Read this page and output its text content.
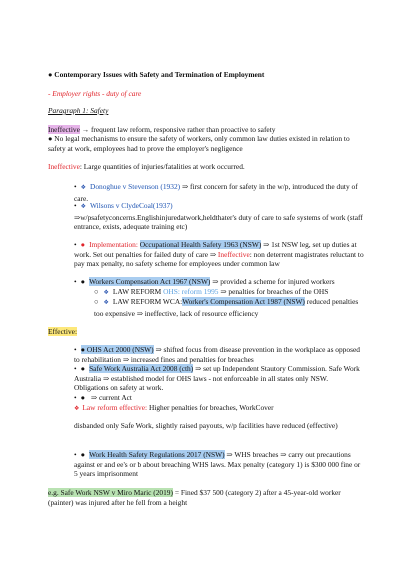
● Contemporary Issues with Safety and Termination of Employment
- Employer rights - duty of care
Paragraph 1: Safety
Ineffective → frequent law reform, responsive rather than proactive to safety
● No legal mechanisms to ensure the safety of workers, only common law duties existed in relation to safety at work, employees had to prove the employer's negligence
Ineffective: Large quantities of injuries/fatalities at work occurred.
• ❖ Donoghue v Stevenson (1932) ⇒ first concern for safety in the w/p, introduced the duty of care.
• ❖ Wilsons v ClydeCoal(1937)
⇒w/psafetyconcerns.Englishinjuredatwork,heldthater's duty of care to safe systems of work (staff entrance, exists, adequate training etc)
• ● Implementation: Occupational Health Safety 1963 (NSW) ⇒ 1st NSW leg, set up duties at work. Set out penalties for failed duty of care ⇒ Ineffective: non deterrent magistrates reluctant to pay max penalty, no safety scheme for employees under common law
• ● Workers Compensation Act 1967 (NSW) ⇒ provided a scheme for injured workers
○ ❖ LAW REFORM OHS: reform 1995 ⇒ penalties for breaches of the OHS
○ ❖ LAW REFORM WCA:Worker's Compensation Act 1987 (NSW) reduced penalties too expensive ⇒ ineffective, lack of resource efficiency
Effective:
• ● OHS Act 2000 (NSW) ⇒ shifted focus from disease prevention in the workplace as opposed to rehabilitation ⇒ increased fines and penalties for breaches
• ● Safe Work Australia Act 2008 (cth) ⇒ set up Independent Stautory Commission. Safe Work Australia ⇒ established model for OHS laws - not enforceable in all states only NSW. Obligations on safety at work.
• ● ⇒ current Act
❖ Law reform effective: Higher penalties for breaches, WorkCover
disbanded only Safe Work, slightly raised payouts, w/p facilities have reduced (effective)
• ● Work Health Safety Regulations 2017 (NSW) ⇒ WHS breaches ⇒ carry out precautions against er and ee's or b about breaching WHS laws. Max penalty (category 1) is $300 000 fine or 5 years imprisonment
e.g. Safe Work NSW v Miro Maric (2019) = Fined $37 500 (category 2) after a 45-year-old worker (painter) was injured after he fell from a height
